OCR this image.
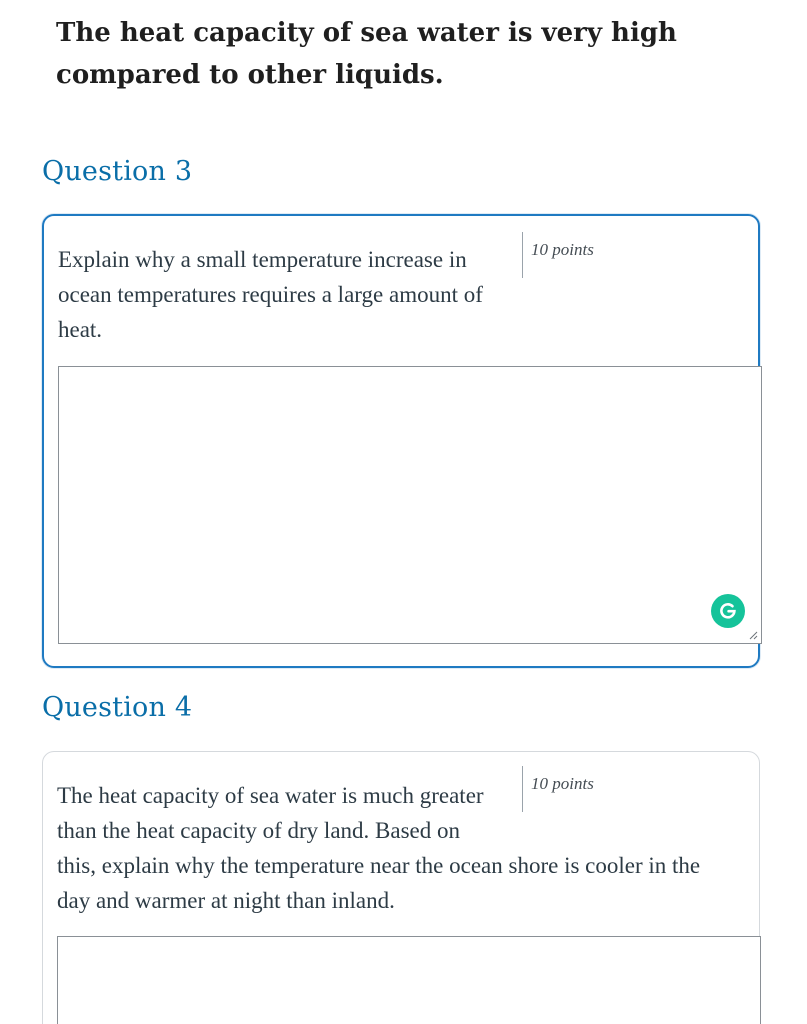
The heat capacity of sea water is very high compared to other liquids.

Question 3

Explain why a small temperature increase in ocean temperatures requires a large amount of heat.

10 points
Question 4

The heat capacity of sea water is much greater than the heat capacity of dry land. Based on

10 points

this, explain why the temperature near the ocean shore is cooler in the day and warmer at night than inland.
